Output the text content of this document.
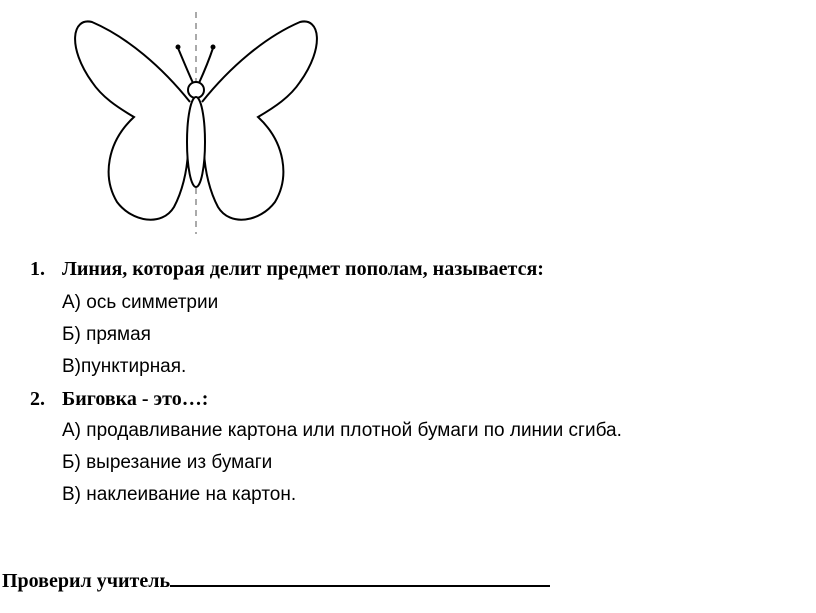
1. Линия, которая делит предмет пополам, называется:
А) ось симметрии
Б) прямая
В)пунктирная.
2. Биговка - это…:
А) продавливание картона или плотной бумаги по линии сгиба.
Б) вырезание из бумаги
В) наклеивание на картон.
Проверил учитель
